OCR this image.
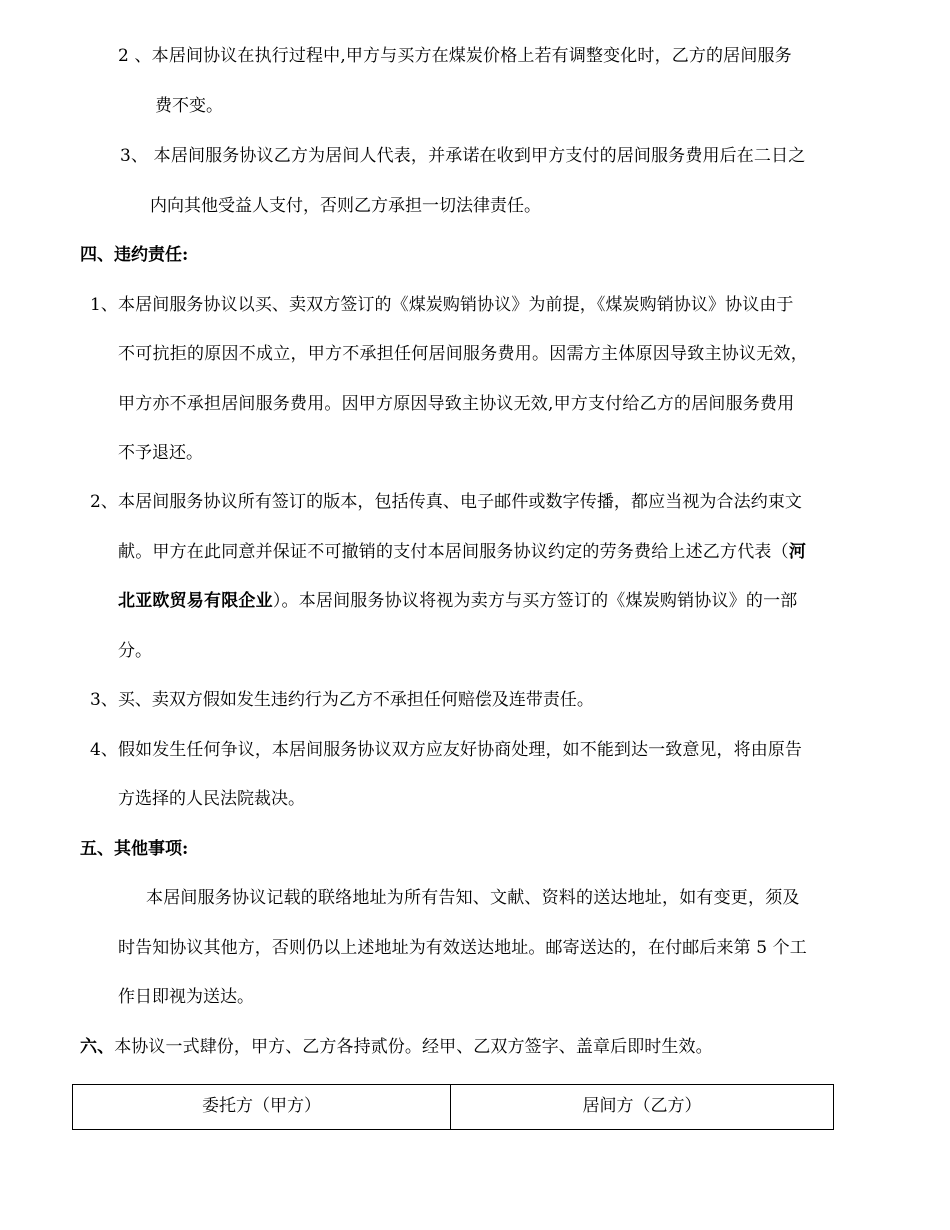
2 、本居间协议在执行过程中,甲方与买方在煤炭价格上若有调整变化时，乙方的居间服务
费不变。
3、 本居间服务协议乙方为居间人代表，并承诺在收到甲方支付的居间服务费用后在二日之
内向其他受益人支付，否则乙方承担一切法律责任。
四、违约责任:
1、本居间服务协议以买、卖双方签订的《煤炭购销协议》为前提，《煤炭购销协议》协议由于
不可抗拒的原因不成立，甲方不承担任何居间服务费用。因需方主体原因导致主协议无效，
甲方亦不承担居间服务费用。因甲方原因导致主协议无效,甲方支付给乙方的居间服务费用
不予退还。
2、本居间服务协议所有签订的版本，包括传真、电子邮件或数字传播，都应当视为合法约束文
献。甲方在此同意并保证不可撤销的支付本居间服务协议约定的劳务费给上述乙方代表（河
北亚欧贸易有限企业）。本居间服务协议将视为卖方与买方签订的《煤炭购销协议》的一部
分。
3、买、卖双方假如发生违约行为乙方不承担任何赔偿及连带责任。
4、假如发生任何争议，本居间服务协议双方应友好协商处理，如不能到达一致意见，将由原告
方选择的人民法院裁决。
五、其他事项:
本居间服务协议记载的联络地址为所有告知、文献、资料的送达地址，如有变更，须及
时告知协议其他方，否则仍以上述地址为有效送达地址。邮寄送达的，在付邮后来第 5 个工
作日即视为送达。
六、本协议一式肆份，甲方、乙方各持贰份。经甲、乙双方签字、盖章后即时生效。
委托方（甲方）	居间方（乙方）
